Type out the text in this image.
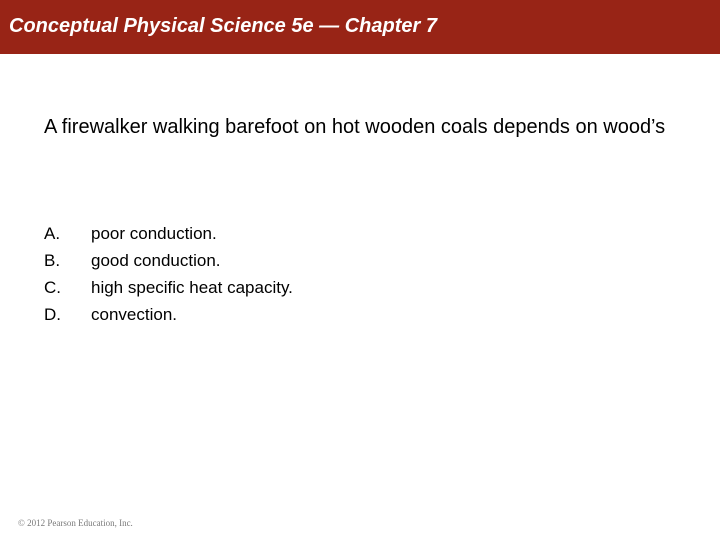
Conceptual Physical Science 5e — Chapter 7
A firewalker walking barefoot on hot wooden coals depends on wood’s
A.	poor conduction.
B.	good conduction.
C.	high specific heat capacity.
D.	convection.
© 2012 Pearson Education, Inc.
